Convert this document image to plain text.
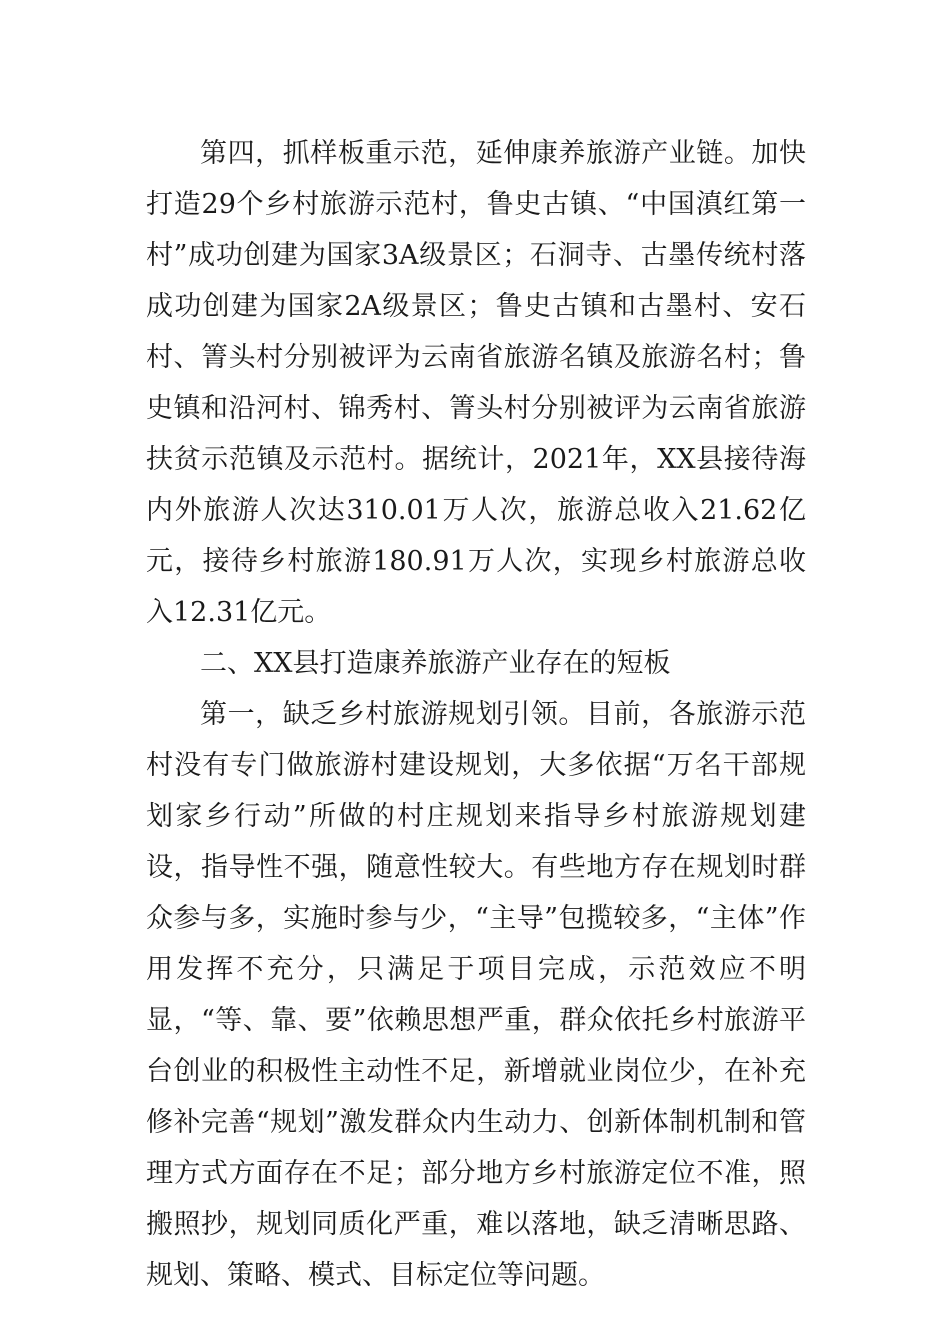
第四，抓样板重示范，延伸康养旅游产业链。加快打造29个乡村旅游示范村，鲁史古镇、“中国滇红第一村”成功创建为国家3A级景区；石洞寺、古墨传统村落成功创建为国家2A级景区；鲁史古镇和古墨村、安石村、箐头村分别被评为云南省旅游名镇及旅游名村；鲁史镇和沿河村、锦秀村、箐头村分别被评为云南省旅游扶贫示范镇及示范村。据统计，2021年，XX县接待海内外旅游人次达310.01万人次，旅游总收入21.62亿元，接待乡村旅游180.91万人次，实现乡村旅游总收入12.31亿元。

二、XX县打造康养旅游产业存在的短板

第一，缺乏乡村旅游规划引领。目前，各旅游示范村没有专门做旅游村建设规划，大多依据“万名干部规划家乡行动”所做的村庄规划来指导乡村旅游规划建设，指导性不强，随意性较大。有些地方存在规划时群众参与多，实施时参与少，“主导”包揽较多，“主体”作用发挥不充分，只满足于项目完成，示范效应不明显，“等、靠、要”依赖思想严重，群众依托乡村旅游平台创业的积极性主动性不足，新增就业岗位少，在补充修补完善“规划”激发群众内生动力、创新体制机制和管理方式方面存在不足；部分地方乡村旅游定位不准，照搬照抄，规划同质化严重，难以落地，缺乏清晰思路、规划、策略、模式、目标定位等问题。
